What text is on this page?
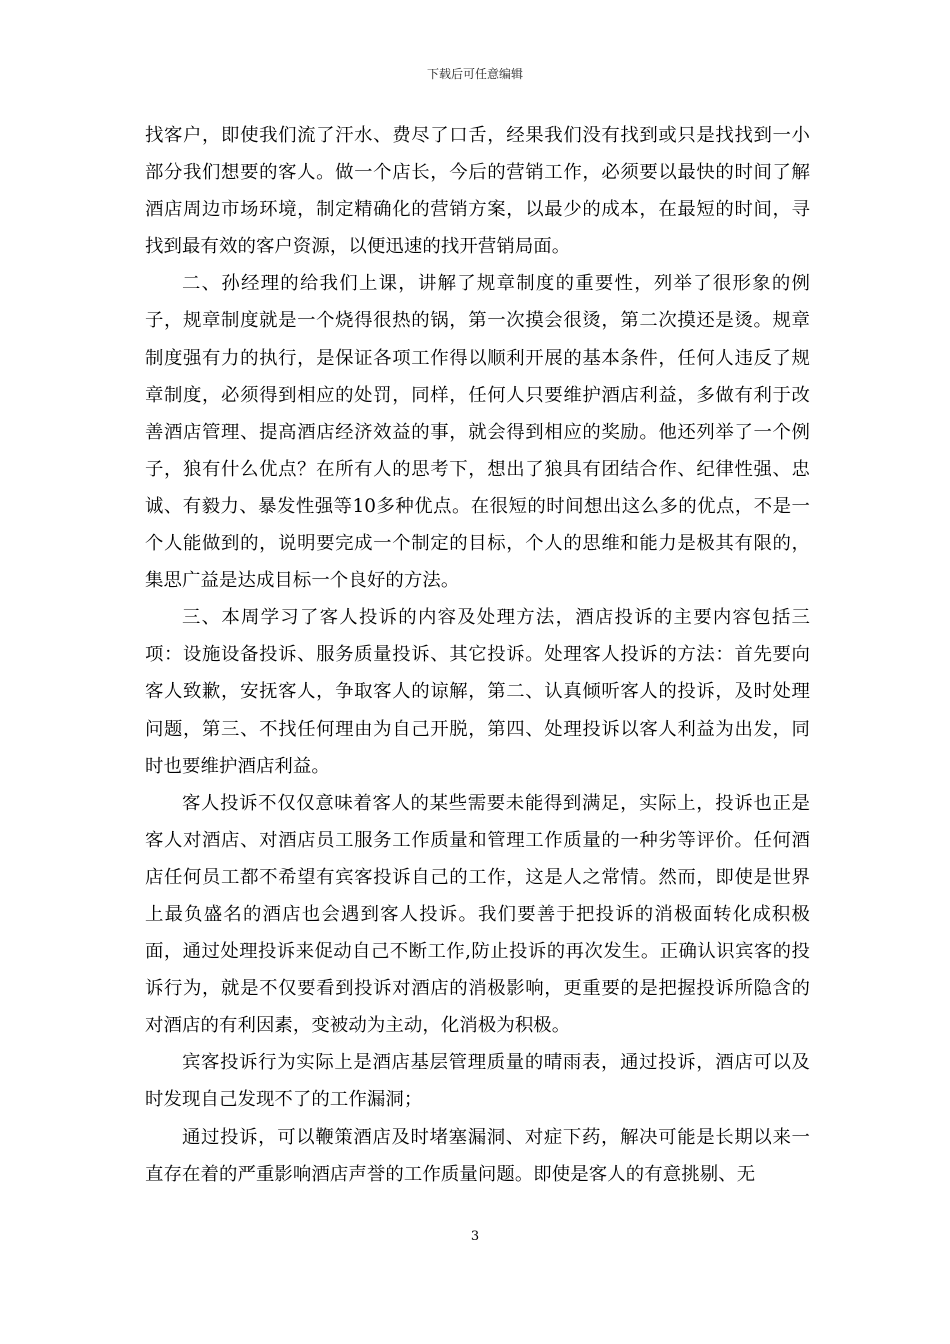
下载后可任意编辑

找客户，即使我们流了汗水、费尽了口舌，经果我们没有找到或只是找找到一小部分我们想要的客人。做一个店长，今后的营销工作，必须要以最快的时间了解酒店周边市场环境，制定精确化的营销方案，以最少的成本，在最短的时间，寻找到最有效的客户资源，以便迅速的找开营销局面。

二、孙经理的给我们上课，讲解了规章制度的重要性，列举了很形象的例子，规章制度就是一个烧得很热的锅，第一次摸会很烫，第二次摸还是烫。规章制度强有力的执行，是保证各项工作得以顺利开展的基本条件，任何人违反了规章制度，必须得到相应的处罚，同样，任何人只要维护酒店利益，多做有利于改善酒店管理、提高酒店经济效益的事，就会得到相应的奖励。他还列举了一个例子，狼有什么优点？在所有人的思考下，想出了狼具有团结合作、纪律性强、忠诚、有毅力、暴发性强等10多种优点。在很短的时间想出这么多的优点，不是一个人能做到的，说明要完成一个制定的目标，个人的思维和能力是极其有限的，集思广益是达成目标一个良好的方法。

三、本周学习了客人投诉的内容及处理方法，酒店投诉的主要内容包括三项：设施设备投诉、服务质量投诉、其它投诉。处理客人投诉的方法：首先要向客人致歉，安抚客人，争取客人的谅解，第二、认真倾听客人的投诉，及时处理问题，第三、不找任何理由为自己开脱，第四、处理投诉以客人利益为出发，同时也要维护酒店利益。

客人投诉不仅仅意味着客人的某些需要未能得到满足，实际上，投诉也正是客人对酒店、对酒店员工服务工作质量和管理工作质量的一种劣等评价。任何酒店任何员工都不希望有宾客投诉自己的工作，这是人之常情。然而，即使是世界上最负盛名的酒店也会遇到客人投诉。我们要善于把投诉的消极面转化成积极面，通过处理投诉来促动自己不断工作,防止投诉的再次发生。正确认识宾客的投诉行为，就是不仅要看到投诉对酒店的消极影响，更重要的是把握投诉所隐含的对酒店的有利因素，变被动为主动，化消极为积极。

宾客投诉行为实际上是酒店基层管理质量的晴雨表，通过投诉，酒店可以及时发现自己发现不了的工作漏洞；

通过投诉，可以鞭策酒店及时堵塞漏洞、对症下药，解决可能是长期以来一直存在着的严重影响酒店声誉的工作质量问题。即使是客人的有意挑剔、无

3
